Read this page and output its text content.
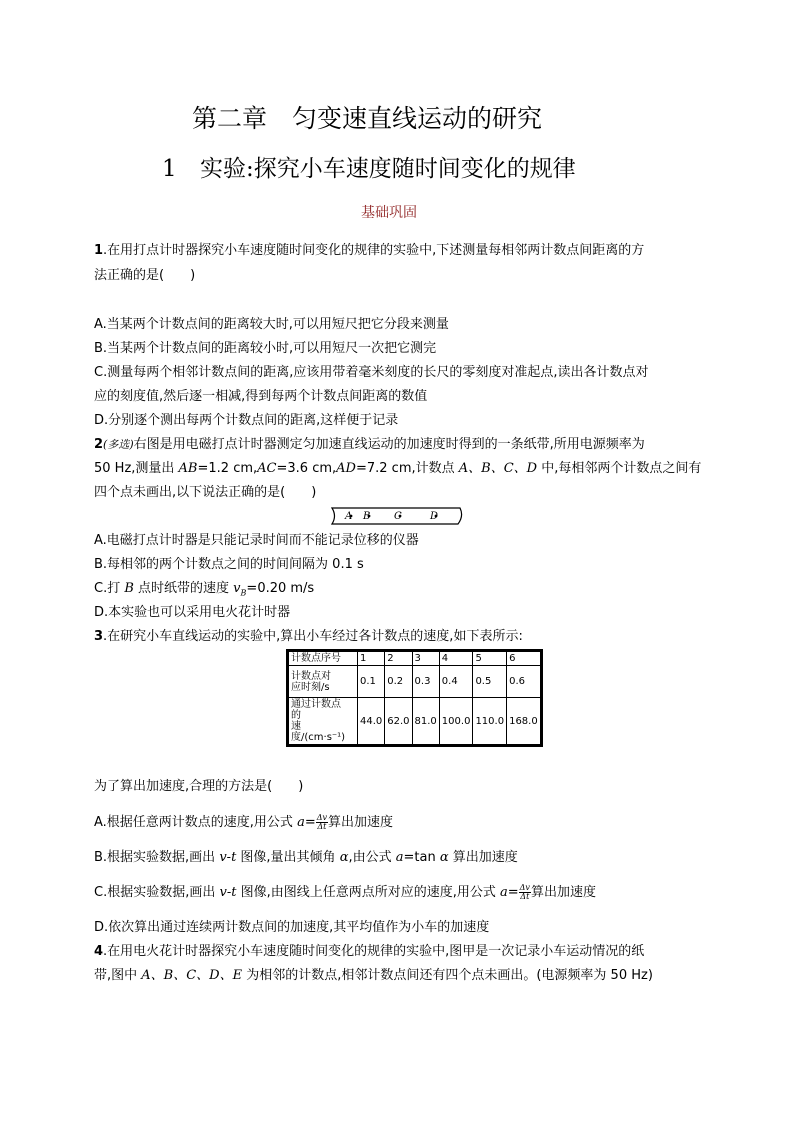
第二章　匀变速直线运动的研究
1 实验:探究小车速度随时间变化的规律
基础巩固
1.在用打点计时器探究小车速度随时间变化的规律的实验中,下述测量每相邻两计数点间距离的方
法正确的是(　　)
A.当某两个计数点间的距离较大时,可以用短尺把它分段来测量
B.当某两个计数点间的距离较小时,可以用短尺一次把它测完
C.测量每两个相邻计数点间的距离,应该用带着毫米刻度的长尺的零刻度对准起点,读出各计数点对
应的刻度值,然后逐一相减,得到每两个计数点间距离的数值
D.分别逐个测出每两个计数点间的距离,这样便于记录
2(多选)右图是用电磁打点计时器测定匀加速直线运动的加速度时得到的一条纸带,所用电源频率为
50 Hz,测量出 AB=1.2 cm,AC=3.6 cm,AD=7.2 cm,计数点 A、B、C、D 中,每相邻两个计数点之间有
四个点未画出,以下说法正确的是(　　)
A B C	D
A.电磁打点计时器是只能记录时间而不能记录位移的仪器
B.每相邻的两个计数点之间的时间间隔为 0.1 s
C.打 B 点时纸带的速度 $v_B=0.20$ m/s
D.本实验也可以采用电火花计时器
3.在研究小车直线运动的实验中,算出小车经过各计数点的速度,如下表所示:
计数点序号	1	2	3	4	5	6
计数点对
应时刻/s	0.1	0.2	0.3	0.4	0.5	0.6
通过计数点
的
速度/(cm·s⁻¹)	44.0	62.0	81.0	100.0	110.0	168.0
为了算出加速度,合理的方法是(　　)
A.根据任意两计数点的速度,用公式 $a= \frac{\Delta v}{\Delta t}$ 算出加速度
B.根据实验数据,画出 v-t 图像,量出其倾角 α,由公式 a=tan α 算出加速度
C.根据实验数据,画出 v-t 图像,由图线上任意两点所对应的速度,用公式 $a= \frac{\Delta v}{\Delta t}$ 算出加速度
D.依次算出通过连续两计数点间的加速度,其平均值作为小车的加速度
4.在用电火花计时器探究小车速度随时间变化的规律的实验中,图甲是一次记录小车运动情况的纸
带,图中 A、B、C、D、E 为相邻的计数点,相邻计数点间还有四个点未画出。(电源频率为 50 Hz)
